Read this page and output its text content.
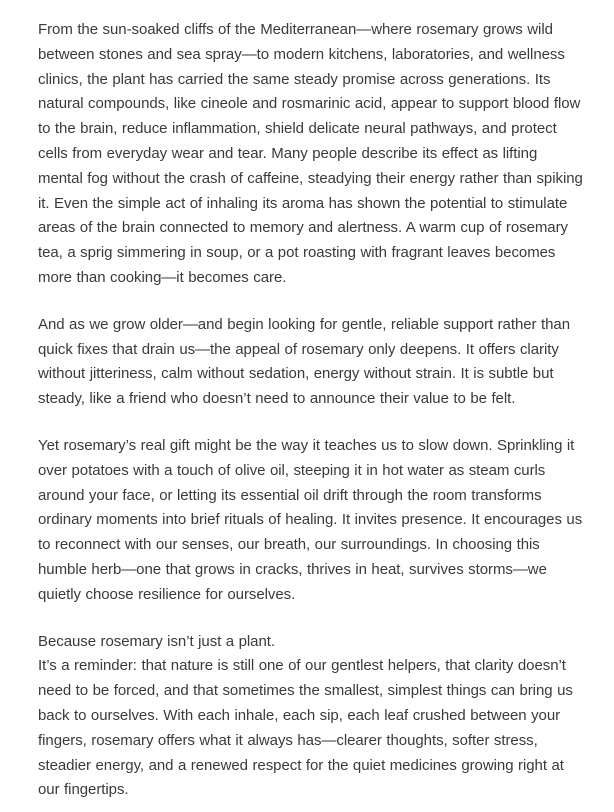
From the sun-soaked cliffs of the Mediterranean—where rosemary grows wild between stones and sea spray—to modern kitchens, laboratories, and wellness clinics, the plant has carried the same steady promise across generations. Its natural compounds, like cineole and rosmarinic acid, appear to support blood flow to the brain, reduce inflammation, shield delicate neural pathways, and protect cells from everyday wear and tear. Many people describe its effect as lifting mental fog without the crash of caffeine, steadying their energy rather than spiking it. Even the simple act of inhaling its aroma has shown the potential to stimulate areas of the brain connected to memory and alertness. A warm cup of rosemary tea, a sprig simmering in soup, or a pot roasting with fragrant leaves becomes more than cooking—it becomes care.

And as we grow older—and begin looking for gentle, reliable support rather than quick fixes that drain us—the appeal of rosemary only deepens. It offers clarity without jitteriness, calm without sedation, energy without strain. It is subtle but steady, like a friend who doesn’t need to announce their value to be felt.

Yet rosemary’s real gift might be the way it teaches us to slow down. Sprinkling it over potatoes with a touch of olive oil, steeping it in hot water as steam curls around your face, or letting its essential oil drift through the room transforms ordinary moments into brief rituals of healing. It invites presence. It encourages us to reconnect with our senses, our breath, our surroundings. In choosing this humble herb—one that grows in cracks, thrives in heat, survives storms—we quietly choose resilience for ourselves.

Because rosemary isn’t just a plant.
It’s a reminder: that nature is still one of our gentlest helpers, that clarity doesn’t need to be forced, and that sometimes the smallest, simplest things can bring us back to ourselves. With each inhale, each sip, each leaf crushed between your fingers, rosemary offers what it always has—clearer thoughts, softer stress, steadier energy, and a renewed respect for the quiet medicines growing right at our fingertips.
